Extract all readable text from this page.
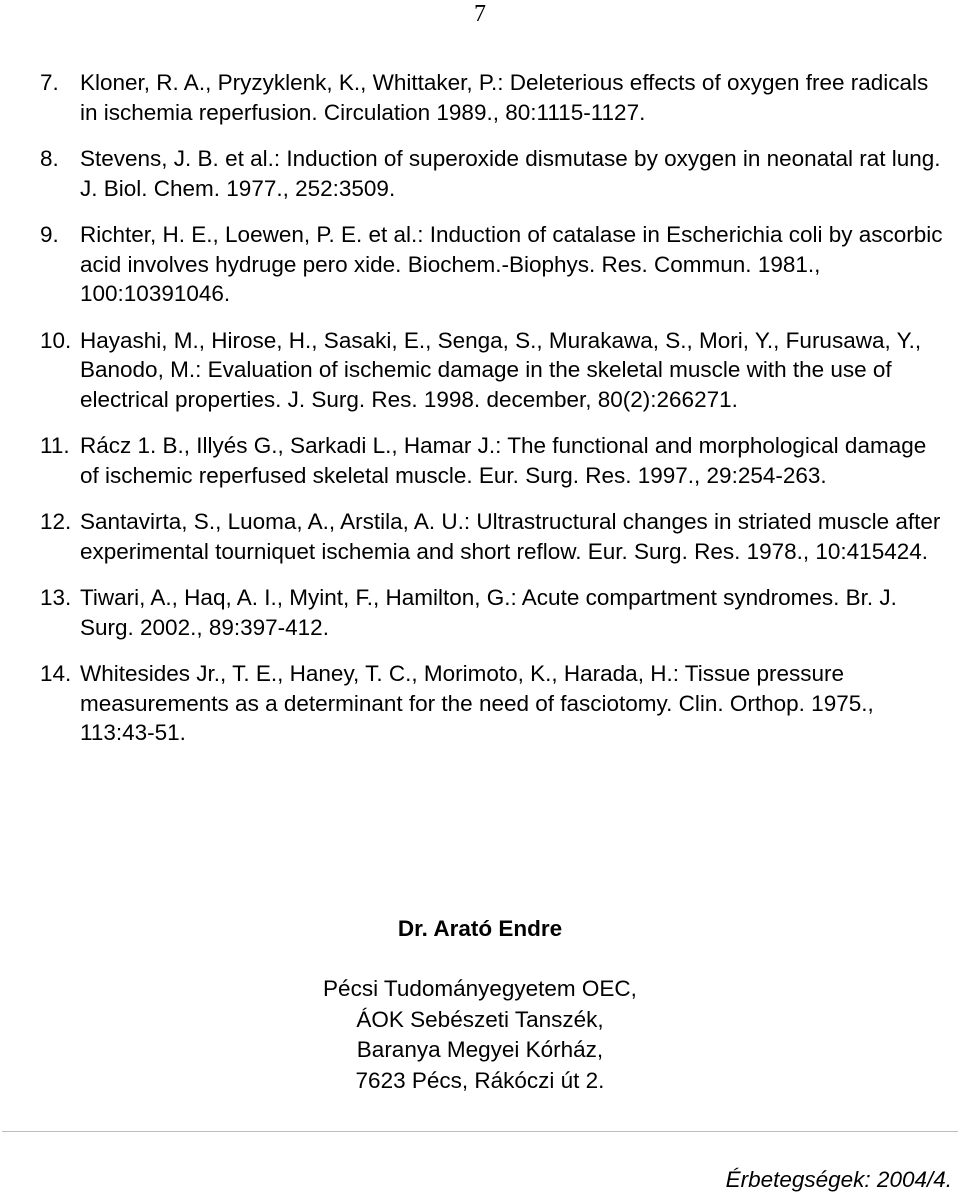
7
7. Kloner, R. A., Pryzyklenk, K., Whittaker, P.: Deleterious effects of oxygen free radicals in ischemia reperfusion. Circulation 1989., 80:1115-1127.
8. Stevens, J. B. et al.: Induction of superoxide dismutase by oxygen in neonatal rat lung. J. Biol. Chem. 1977., 252:3509.
9. Richter, H. E., Loewen, P. E. et al.: Induction of catalase in Escherichia coli by ascorbic acid involves hydruge pero xide. Biochem.-Biophys. Res. Commun. 1981., 100:10391046.
10. Hayashi, M., Hirose, H., Sasaki, E., Senga, S., Murakawa, S., Mori, Y., Furusawa, Y., Banodo, M.: Evaluation of ischemic damage in the skeletal muscle with the use of electrical properties. J. Surg. Res. 1998. december, 80(2):266271.
11. Rácz 1. B., Illyés G., Sarkadi L., Hamar J.: The functional and morphological damage of ischemic reperfused skeletal muscle. Eur. Surg. Res. 1997., 29:254-263.
12. Santavirta, S., Luoma, A., Arstila, A. U.: Ultrastructural changes in striated muscle after experimental tourniquet ischemia and short reflow. Eur. Surg. Res. 1978., 10:415424.
13. Tiwari, A., Haq, A. I., Myint, F., Hamilton, G.: Acute compartment syndromes. Br. J. Surg. 2002., 89:397-412.
14. Whitesides Jr., T. E., Haney, T. C., Morimoto, K., Harada, H.: Tissue pressure measurements as a determinant for the need of fasciotomy. Clin. Orthop. 1975., 113:43-51.
Dr. Arató Endre
Pécsi Tudományegyetem OEC,
ÁOK Sebészeti Tanszék,
Baranya Megyei Kórház,
7623 Pécs, Rákóczi út 2.
Érbetegségek: 2004/4.
